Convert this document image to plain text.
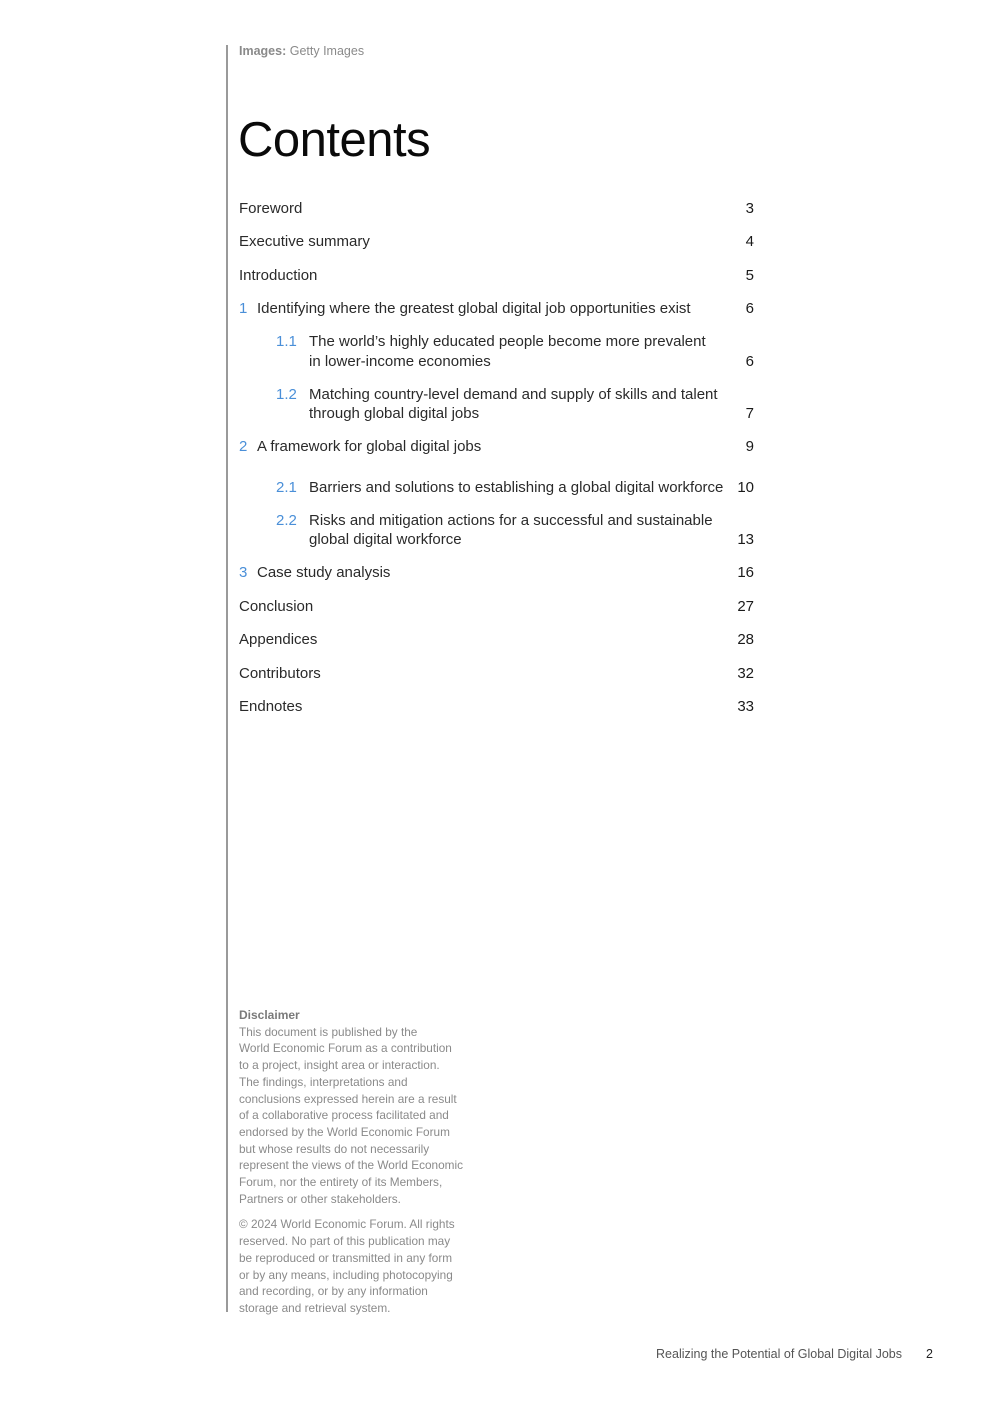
Images: Getty Images
Contents
Foreword	3
Executive summary	4
Introduction	5
1 Identifying where the greatest global digital job opportunities exist	6
1.1 The world’s highly educated people become more prevalent
in lower-income economies	6
1.2 Matching country-level demand and supply of skills and talent
through global digital jobs	7
2 A framework for global digital jobs	9
2.1 Barriers and solutions to establishing a global digital workforce 10
2.2 Risks and mitigation actions for a successful and sustainable
global digital workforce	13
3 Case study analysis	16
Conclusion	27
Appendices	28
Contributors	32
Endnotes	33
Disclaimer

This document is published by the
World Economic Forum as a contribution
to a project, insight area or interaction.
The findings, interpretations and
conclusions expressed herein are a result
of a collaborative process facilitated and
endorsed by the World Economic Forum
but whose results do not necessarily
represent the views of the World Economic
Forum, nor the entirety of its Members,
Partners or other stakeholders.

© 2024 World Economic Forum. All rights
reserved. No part of this publication may
be reproduced or transmitted in any form
or by any means, including photocopying
and recording, or by any information
storage and retrieval system.

Realizing the Potential of Global Digital Jobs 2
